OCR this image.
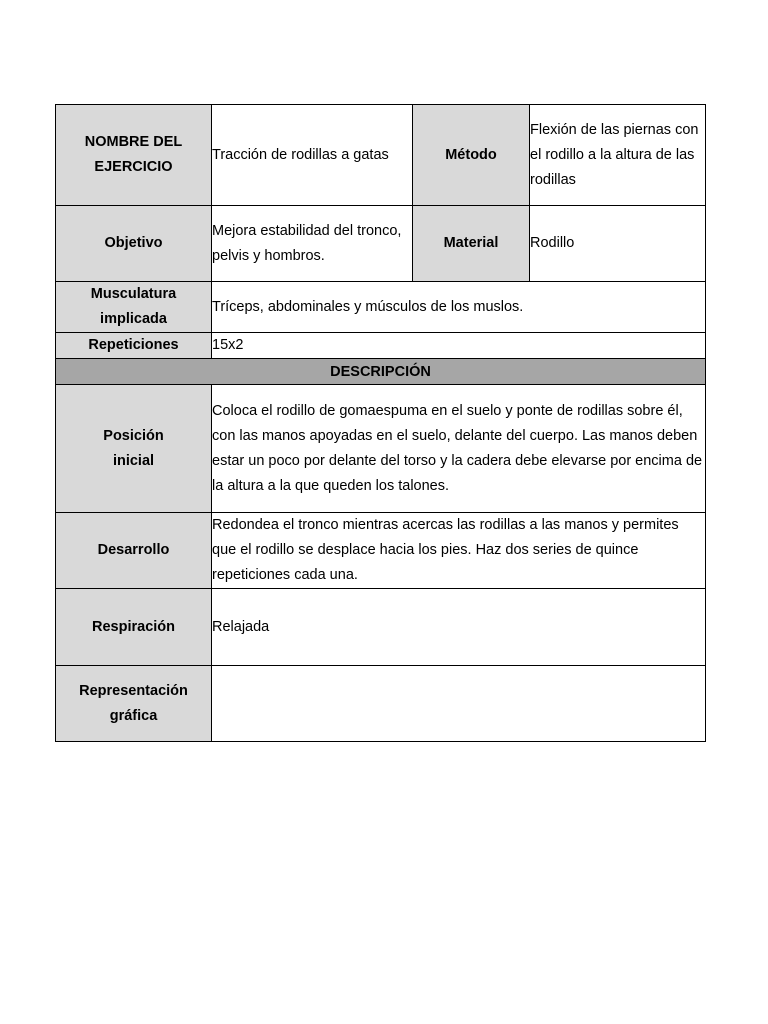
NOMBRE DEL EJERCICIO	Tracción de rodillas a gatas	Método	Flexión de las piernas con el rodillo a la altura de las rodillas
Objetivo	Mejora estabilidad del tronco, pelvis y hombros.	Material	Rodillo
Musculatura implicada	Tríceps, abdominales y músculos de los muslos.		
Repeticiones	15x2		
DESCRIPCIÓN			
Posición inicial	Coloca el rodillo de gomaespuma en el suelo y ponte de rodillas sobre él, con las manos apoyadas en el suelo, delante del cuerpo. Las manos deben estar un poco por delante del torso y la cadera debe elevarse por encima de la altura a la que queden los talones.		
Desarrollo	Redondea el tronco mientras acercas las rodillas a las manos y permites que el rodillo se desplace hacia los pies. Haz dos series de quince repeticiones cada una.		
Respiración	Relajada		
Representación gráfica			
